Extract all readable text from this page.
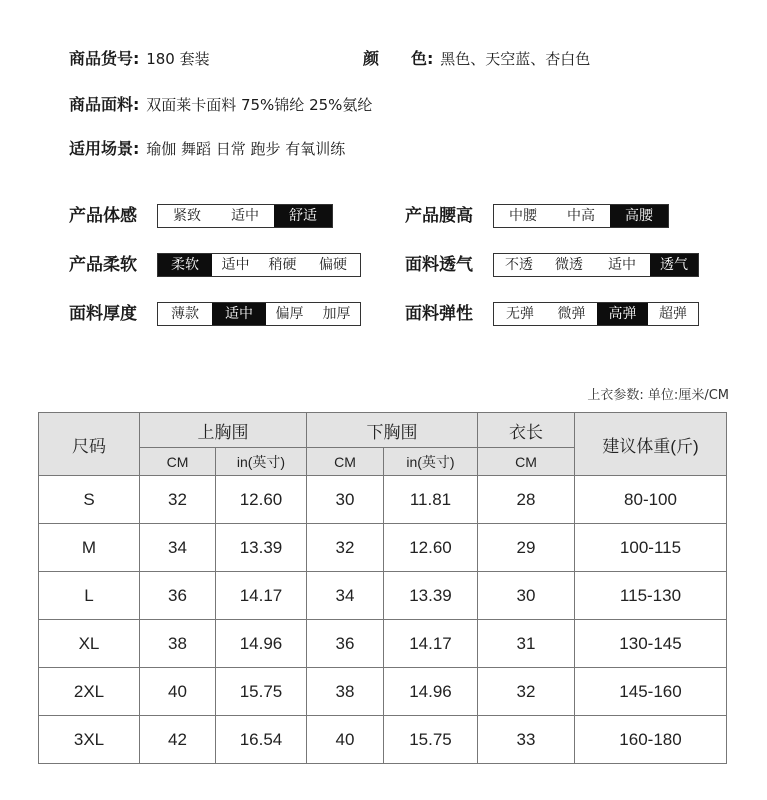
商品货号: 180 套装	颜　　色: 黑色、天空蓝、杏白色
商品面料: 双面莱卡面料 75%锦纶 25%氨纶
适用场景: 瑜伽 舞蹈 日常 跑步 有氧训练
产品体感	紧致	适中	舒适	产品腰高	中腰	中高	高腰
产品柔软	柔软	适中	稍硬	偏硬	面料透气	不透	微透	适中	透气
面料厚度	薄款	适中	偏厚	加厚	面料弹性	无弹	微弹	高弹	超弹
上衣参数: 单位:厘米/CM
尺码	上胸围		下胸围		衣长	建议体重(斤)
	CM	in(英寸)	CM	in(英寸)	CM	
S	32	12.60	30	11.81	28	80-100
M	34	13.39	32	12.60	29	100-115
L	36	14.17	34	13.39	30	115-130
XL	38	14.96	36	14.17	31	130-145
2XL	40	15.75	38	14.96	32	145-160
3XL	42	16.54	40	15.75	33	160-180
